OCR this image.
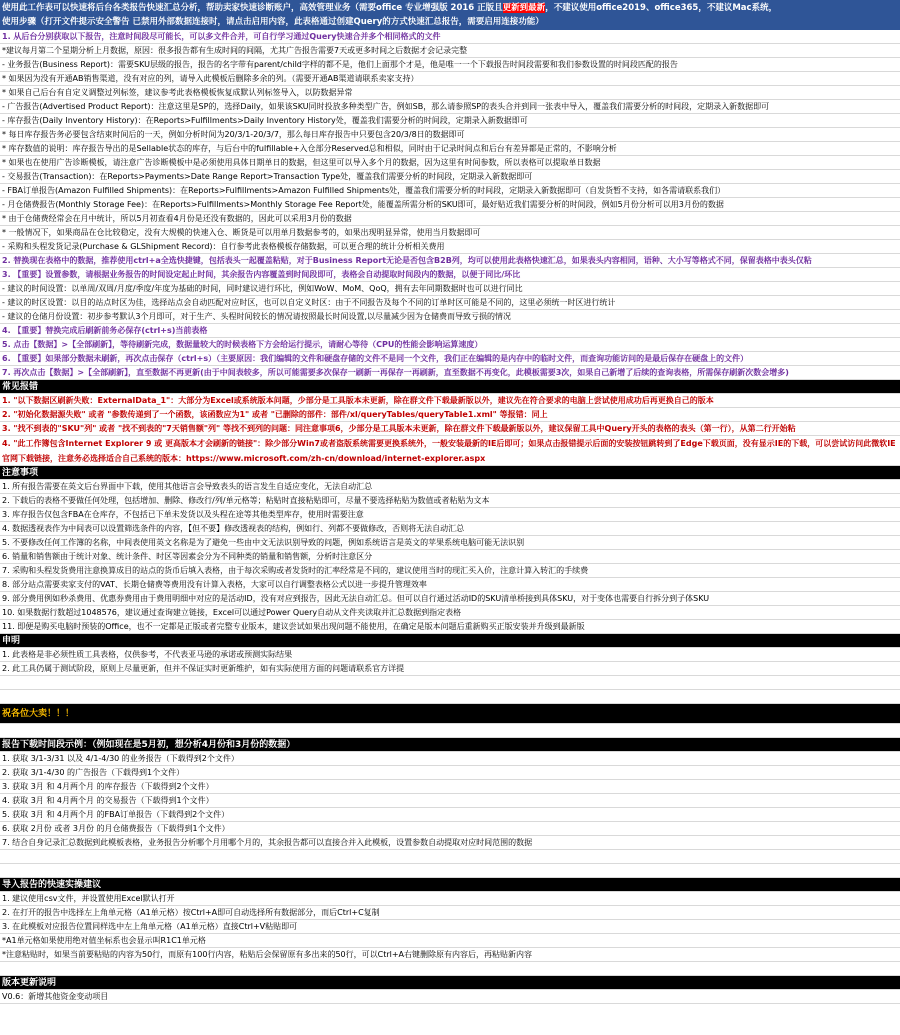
使用此工作表可以快速将后台各类报告快速汇总分析，帮助卖家快速诊断账户，高效管理业务（需要office 专业增强版 2016 正版且更新到最新，不建议使用office2019、office365，不建议Mac系统，
使用步骤（打开文件提示安全警告 已禁用外部数据连接时，请点击启用内容，此表格通过创建Query的方式快速汇总报告，需要启用连接功能）
1. 从后台分别获取以下报告，注意时间段尽可能长，可以多文件合并，可自行学习通过Query快速合并多个相同格式的文件
*建议每月第二个星期分析上月数据，原因：很多报告都有生成时间的间隔，尤其广告报告需要7天或更多时间之后数据才会记录完整
- 业务报告(Business Report)：需要SKU层级的报告，报告的名字带有parent/child字样的都不是，他们上面那个才是，他是唯一一个下载报告时间段需要和我们参数设置的时间段匹配的报告
* 如果因为没有开通AB销售渠道，没有对应的列，请导入此模板后删除多余的列。（需要开通AB渠道请联系卖家支持）
* 如果自己后台有自定义调整过列标签，建议参考此表格模板恢复成默认列标签导入，以防数据异常
- 广告报告(Advertised Product Report)：注意这里是SP的，选择Daily，如果该SKU同时投放多种类型广告，例如SB，那么请参照SP的表头合并到同一张表中导入，覆盖我们需要分析的时间段，定期录入新数据即可
- 库存报告(Daily Inventory History)：在Reports>Fulfillments>Daily Inventory History处，覆盖我们需要分析的时间段，定期录入新数据即可
* 每日库存报告务必要包含结束时间后的一天，例如分析时间为20/3/1-20/3/7，那么每日库存报告中只要包含20/3/8日的数据即可
* 库存数值的说明：库存报告导出的是Sellable状态的库存，与后台中的fulfillable+入仓部分Reserved总和相似，同时由于记录时间点和后台有差异都是正常的，不影响分析
* 如果也在使用广告诊断模板，请注意广告诊断模板中是必须使用具体日期单日的数据，但这里可以导入多个月的数据，因为这里有时间参数，所以表格可以提取单日数据
- 交易报告(Transaction)：在Reports>Payments>Date Range Report>Transaction Type处，覆盖我们需要分析的时间段，定期录入新数据即可
- FBA订单报告(Amazon Fulfilled Shipments)：在Reports>Fulfillments>Amazon Fulfilled Shipments处，覆盖我们需要分析的时间段，定期录入新数据即可（自发货暂不支持，如各需请联系我们）
- 月仓储费报告(Monthly Storage Fee)：在Reports>Fulfillments>Monthly Storage Fee Report处，能覆盖所需分析的SKU即可，最好贴近我们需要分析的时间段，例如5月份分析可以用3月份的数据
* 由于仓储费经常会在月中统计，所以5月初查看4月份是还没有数据的，因此可以采用3月份的数据
* 一般情况下，如果商品在仓比较稳定，没有大规模的快速入仓、断货是可以用单月数据参考的，如果出现明显异常，使用当月数据即可
- 采购和头程发货记录(Purchase & GLShipment Record)：自行参考此表格模板存储数据，可以更合理的统计分析相关费用
2. 替换现在表格中的数据，推荐使用ctrl+a全选快捷键，包括表头一起覆盖粘贴，对于Business Report无论是否包含B2B列，均可以使用此表格快速汇总，如果表头内容相同，语种、大小写等格式不同，保留表格中表头仅粘
3. 【重要】设置参数，请根据业务报告的时间设定起止时间，其余报告内容覆盖到时间段即可，表格会自动提取时间段内的数据，以便于同比/环比
- 建议的时间设置：以单周/双周/月度/季度/年度为基础的时间，同时建议进行环比，例如WoW、MoM、QoQ，拥有去年同期数据时也可以进行同比
- 建议的时区设置：以目的站点时区为佳，选择站点会自动匹配对应时区，也可以自定义时区：由于不同报告及每个不同的订单时区可能是不同的，这里必须统一时区进行统计
- 建议的仓储月份设置：初步参考默认3个月即可，对于生产、头程时间较长的情况请按照最长时间设置,以尽量减少因为仓储费而导致亏损的情况
4. 【重要】替换完成后刷新前务必保存(ctrl+s)当前表格
5. 点击【数据】>【全部刷新】，等待刷新完成，数据量较大的时候表格下方会给运行提示，请耐心等待（CPU的性能会影响运算速度）
6. 【重要】如果部分数据未刷新，再次点击保存（ctrl+s）（主要原因：我们编辑的文件和硬盘存储的文件不是同一个文件，我们正在编辑的是内存中的临时文件，而查询功能访问的是最后保存在硬盘上的文件）
7. 再次点击【数据】>【全部刷新】，直至数据不再更新(由于中间表较多，所以可能需要多次保存一刷新一再保存一再刷新，直至数据不再变化，此模板需要3次，如果自己新增了后续的查询表格，所需保存刷新次数会增多)
常见报错
1. "以下数据区刷新失败：ExternalData_1"：大部分为Excel或系统版本问题，少部分是工具版本未更新，除在群文件下载最新版以外，建议先在符合要求的电脑上尝试使用成功后再更换自己的版本
2. "初始化数据源失败" 或者 "参数传递到了一个函数，该函数应为1" 或者 "已删除的部件：部件/xl/queryTables/queryTable1.xml" 等报错：同上
3. "找不到表的"SKU"列" 或者 "找不到表的"7天销售额"列" 等找不到列的问题：同注意事项6，少部分是工具版本未更新，除在群文件下载最新版以外，建议保留工具中Query开头的表格的表头（第一行），从第二行开始粘
4. "此工作簿包含Internet Explorer 9 或 更高版本才会刷新的链接"：除少部分Win7或者盗版系统需要更换系统外，一般安装最新的IE后即可；如果点击报错提示后面的安装按钮跳转到了Edge下载页面，没有显示IE的下载，可以尝试访问此微软IE官网下载链接，注意务必选择适合自己系统的版本：https://www.microsoft.com/zh-cn/download/internet-explorer.aspx
注意事项
1. 所有报告需要在英文后台界面中下载，使用其他语言会导致表头的语言发生自适应变化，无法自动汇总
2. 下载后的表格不要做任何处理，包括增加、删除、修改行/列/单元格等；粘贴时直接粘贴即可，尽量不要选择粘贴为数值或者粘贴为文本
3. 库存报告仅包含FBA在仓库存，不包括已下单未发货以及头程在途等其他类型库存，使用时需要注意
4. 数据透视表作为中间表可以设置筛选条件的内容，【但不要】修改透视表的结构，例如行、列都不要做修改，否则将无法自动汇总
5. 不要修改任何工作簿的名称，中间表使用英文名称是为了避免一些由中文无法识别导致的问题，例如系统语言是英文的苹果系统电脑可能无法识别
6. 销量和销售额由于统计对象、统计条件、时区等因素会分为不同种类的销量和销售额，分析时注意区分
7. 采购和头程发货费用注意换算成目的站点的货币后填入表格，由于每次采购或者发货时的汇率经常是不同的，建议使用当时的现汇买入价，注意计算入转汇的手续费
8. 部分站点需要卖家支付的VAT、长期仓储费等费用没有计算入表格，大家可以自行调整表格公式以进一步提升管理效率
9. 部分费用例如秒杀费用、优惠券费用由于费用明细中对应的是活动ID，没有对应到报告，因此无法自动汇总。但可以自行通过活动ID的SKU清单桥接到具体SKU，对于变体也需要自行拆分到子体SKU
10. 如果数据行数超过1048576，建议通过查询建立链接，Excel可以通过Power Query自动从文件夹读取并汇总数据到指定表格
11. 即便是购买电脑时预装的Office，也不一定都是正版或者完整专业版本，建议尝试如果出现问题不能使用，在确定是版本问题后重新购买正版安装并升级到最新版
申明
1. 此表格是非必须性质工具表格，仅供参考，不代表亚马逊的承诺或预测实际结果
2. 此工具仍属于测试阶段，原则上尽量更新，但并不保证实时更新维护，如有实际使用方面的问题请联系官方详提
祝各位大卖！！！
报告下载时间段示例：（例如现在是5月初，想分析4月份和3月份的数据）
1. 获取 3/1-3/31 以及 4/1-4/30 的业务报告（下载得到2个文件）
2. 获取 3/1-4/30 的广告报告（下载得到1个文件）
3. 获取 3月 和 4月两个月 的库存报告（下载得到2个文件）
4. 获取 3月 和 4月两个月 的交易报告（下载得到1个文件）
5. 获取 3月 和 4月两个月 的FBA订单报告（下载得到2个文件）
6. 获取 2月份 或者 3月份 的月仓储费报告（下载得到1个文件）
7. 结合自身记录汇总数据到此模板表格，业务报告分析哪个月用哪个月的，其余报告都可以直接合并入此模板，设置参数自动提取对应时间范围的数据
导入报告的快速实操建议
1. 建议使用csv文件，并设置使用Excel默认打开
2. 在打开的报告中选择左上角单元格（A1单元格）按Ctrl+A即可自动选择所有数据部分，而后Ctrl+C复制
3. 在此模板对应报告位置同样选中左上角单元格（A1单元格）直接Ctrl+V粘贴即可
*A1单元格如果使用绝对值坐标系也会显示叫R1C1单元格
*注意粘贴时，如果当前要粘贴的内容为50行，而原有100行内容，粘贴后会保留原有多出来的50行，可以Ctrl+A右键删除原有内容后，再粘贴新内容
版本更新说明
V0.6：新增其他资金变动项目
